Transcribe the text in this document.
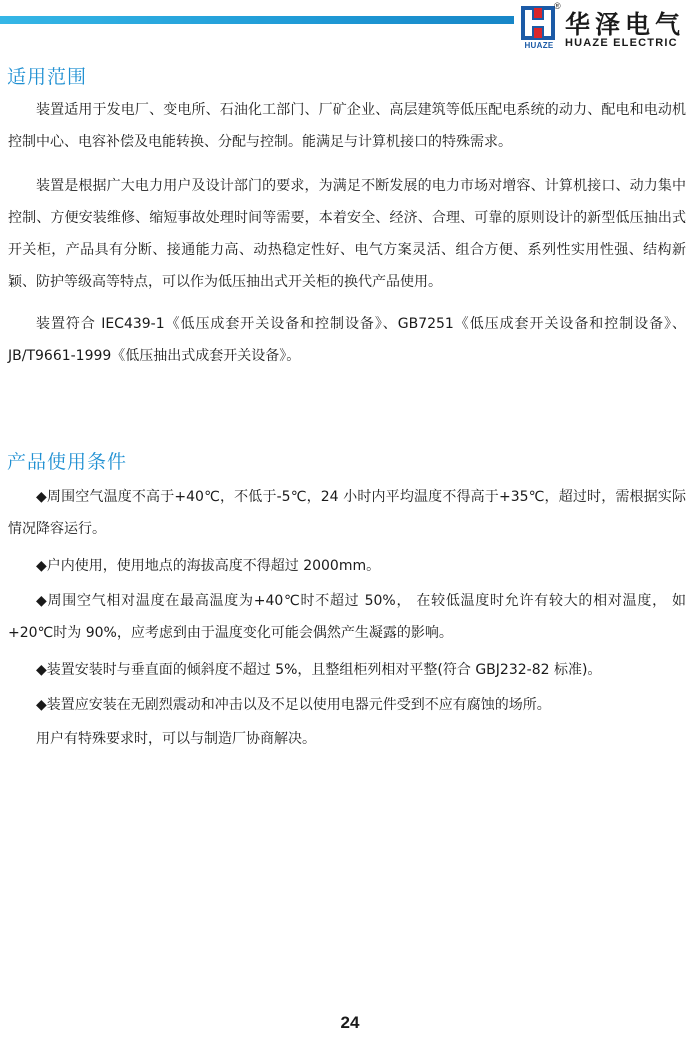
®
HUAZE
华泽电气
HUAZE ELECTRIC
适用范围

装置适用于发电厂、变电所、石油化工部门、厂矿企业、高层建筑等低压配电系统的动力、配电和电动机控制中心、电容补偿及电能转换、分配与控制。能满足与计算机接口的特殊需求。

装置是根据广大电力用户及设计部门的要求，为满足不断发展的电力市场对增容、计算机接口、动力集中控制、方便安装维修、缩短事故处理时间等需要，本着安全、经济、合理、可靠的原则设计的新型低压抽出式开关柜，产品具有分断、接通能力高、动热稳定性好、电气方案灵活、组合方便、系列性实用性强、结构新颖、防护等级高等特点，可以作为低压抽出式开关柜的换代产品使用。

装置符合 IEC439-1《低压成套开关设备和控制设备》、GB7251《低压成套开关设备和控制设备》、JB/T9661-1999《低压抽出式成套开关设备》。

产品使用条件

◆周围空气温度不高于+40℃，不低于-5℃，24 小时内平均温度不得高于+35℃，超过时，需根据实际情况降容运行。

◆户内使用，使用地点的海拔高度不得超过 2000mm。

◆周围空气相对温度在最高温度为+40℃时不超过 50%， 在较低温度时允许有较大的相对温度， 如+20℃时为 90%，应考虑到由于温度变化可能会偶然产生凝露的影响。

◆装置安装时与垂直面的倾斜度不超过 5%，且整组柜列相对平整(符合 GBJ232-82 标准)。

◆装置应安装在无剧烈震动和冲击以及不足以使用电器元件受到不应有腐蚀的场所。

用户有特殊要求时，可以与制造厂协商解决。

24
